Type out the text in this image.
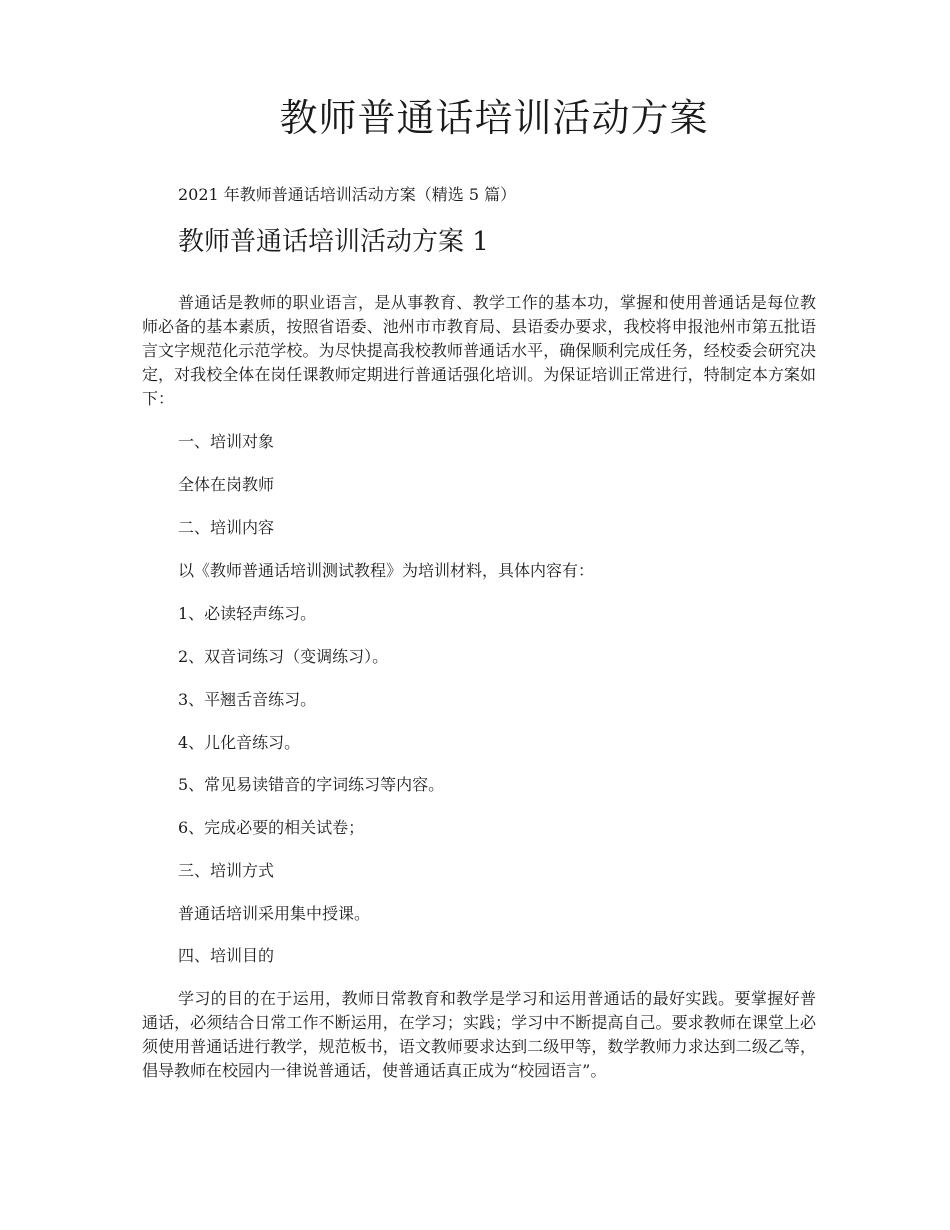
教师普通话培训活动方案

2021 年教师普通话培训活动方案（精选 5 篇）

教师普通话培训活动方案 1

普通话是教师的职业语言，是从事教育、教学工作的基本功，掌握和使用普通话是每位教师必备的基本素质，按照省语委、池州市市教育局、县语委办要求，我校将申报池州市第五批语言文字规范化示范学校。为尽快提高我校教师普通话水平，确保顺利完成任务，经校委会研究决定，对我校全体在岗任课教师定期进行普通话强化培训。为保证培训正常进行，特制定本方案如下：

一、培训对象

全体在岗教师

二、培训内容

以《教师普通话培训测试教程》为培训材料，具体内容有：

1、必读轻声练习。

2、双音词练习（变调练习）。

3、平翘舌音练习。

4、儿化音练习。

5、常见易读错音的字词练习等内容。

6、完成必要的相关试卷；

三、培训方式

普通话培训采用集中授课。

四、培训目的

学习的目的在于运用，教师日常教育和教学是学习和运用普通话的最好实践。要掌握好普通话，必须结合日常工作不断运用，在学习；实践；学习中不断提高自己。要求教师在课堂上必须使用普通话进行教学，规范板书，语文教师要求达到二级甲等，数学教师力求达到二级乙等，倡导教师在校园内一律说普通话，使普通话真正成为“校园语言”。
